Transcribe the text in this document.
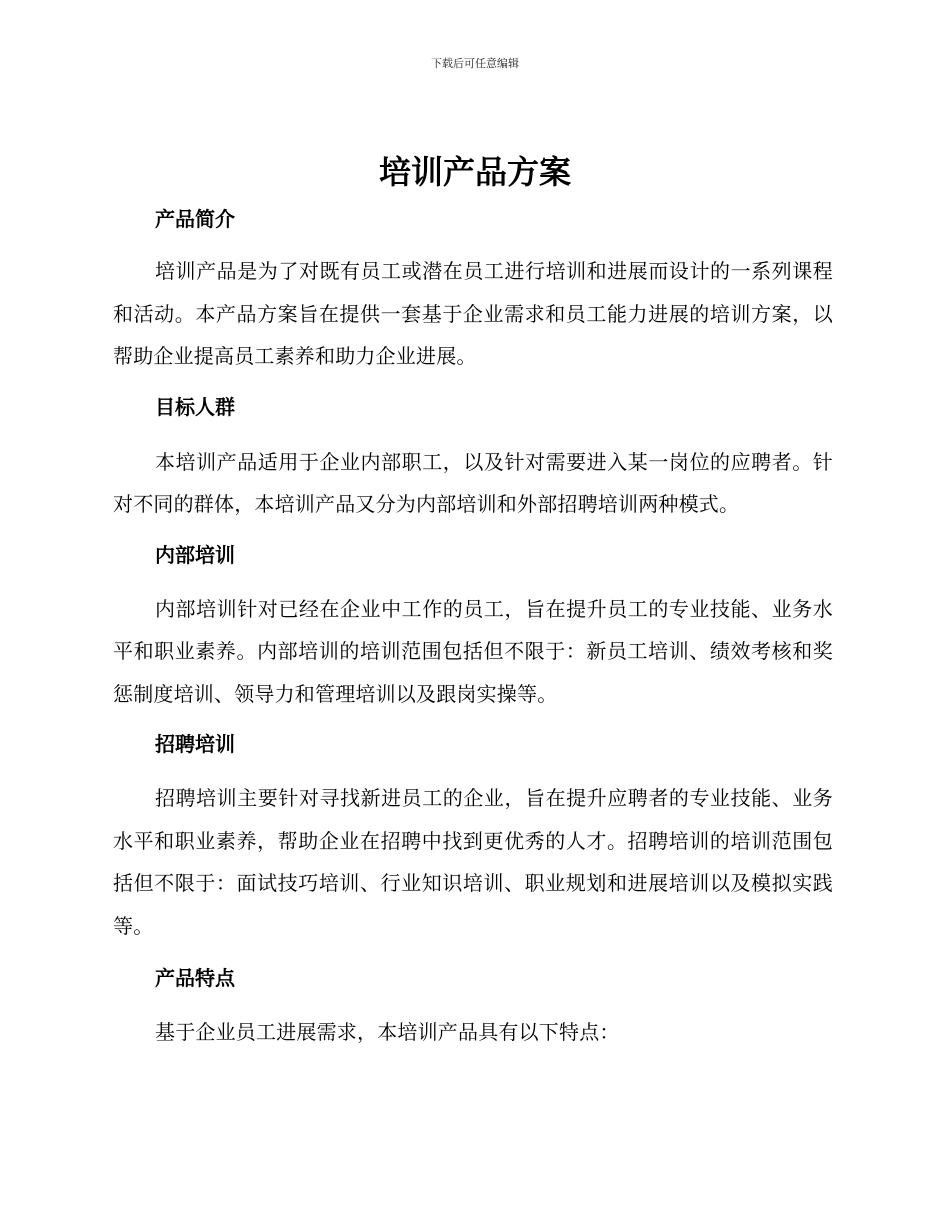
下载后可任意编辑
培训产品方案
产品简介

培训产品是为了对既有员工或潜在员工进行培训和进展而设计的一系列课程和活动。本产品方案旨在提供一套基于企业需求和员工能力进展的培训方案，以帮助企业提高员工素养和助力企业进展。

目标人群

本培训产品适用于企业内部职工，以及针对需要进入某一岗位的应聘者。针对不同的群体，本培训产品又分为内部培训和外部招聘培训两种模式。

内部培训

内部培训针对已经在企业中工作的员工，旨在提升员工的专业技能、业务水平和职业素养。内部培训的培训范围包括但不限于：新员工培训、绩效考核和奖惩制度培训、领导力和管理培训以及跟岗实操等。

招聘培训

招聘培训主要针对寻找新进员工的企业，旨在提升应聘者的专业技能、业务水平和职业素养，帮助企业在招聘中找到更优秀的人才。招聘培训的培训范围包括但不限于：面试技巧培训、行业知识培训、职业规划和进展培训以及模拟实践等。

产品特点

基于企业员工进展需求，本培训产品具有以下特点：
